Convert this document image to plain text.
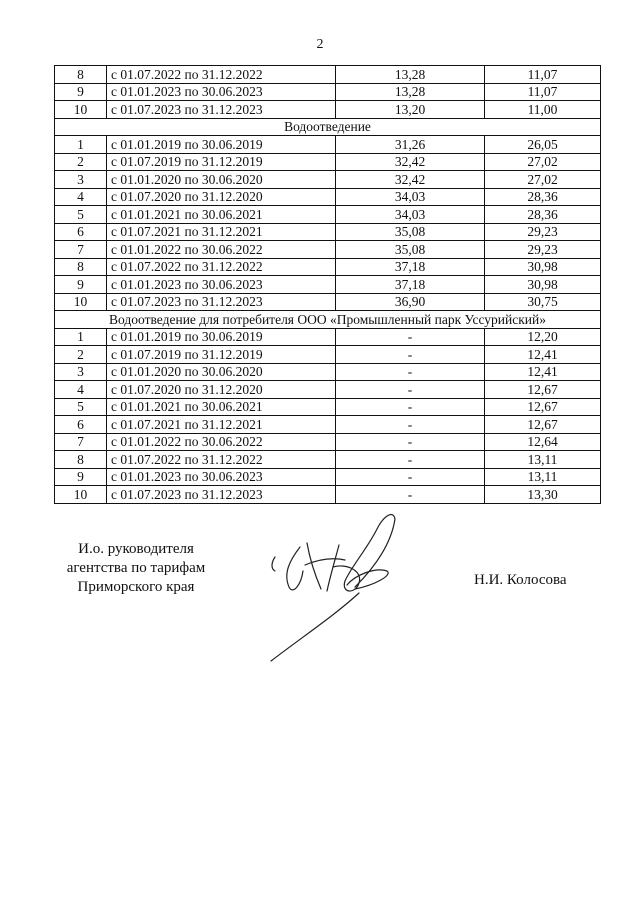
2
8	с 01.07.2022 по 31.12.2022	13,28	11,07
9	с 01.01.2023 по 30.06.2023	13,28	11,07
10	с 01.07.2023 по 31.12.2023	13,20	11,00
Водоотведение			
1	с 01.01.2019 по 30.06.2019	31,26	26,05
2	с 01.07.2019 по 31.12.2019	32,42	27,02
3	с 01.01.2020 по 30.06.2020	32,42	27,02
4	с 01.07.2020 по 31.12.2020	34,03	28,36
5	с 01.01.2021 по 30.06.2021	34,03	28,36
6	с 01.07.2021 по 31.12.2021	35,08	29,23
7	с 01.01.2022 по 30.06.2022	35,08	29,23
8	с 01.07.2022 по 31.12.2022	37,18	30,98
9	с 01.01.2023 по 30.06.2023	37,18	30,98
10	с 01.07.2023 по 31.12.2023	36,90	30,75
Водоотведение для потребителя ООО «Промышленный парк Уссурийский»			
1	с 01.01.2019 по 30.06.2019	-	12,20
2	с 01.07.2019 по 31.12.2019	-	12,41
3	с 01.01.2020 по 30.06.2020	-	12,41
4	с 01.07.2020 по 31.12.2020	-	12,67
5	с 01.01.2021 по 30.06.2021	-	12,67
6	с 01.07.2021 по 31.12.2021	-	12,67
7	с 01.01.2022 по 30.06.2022	-	12,64
8	с 01.07.2022 по 31.12.2022	-	13,11
9	с 01.01.2023 по 30.06.2023	-	13,11
10	с 01.07.2023 по 31.12.2023	-	13,30
И.о. руководителя
агентства по тарифам
Приморского края	Н.И. Колосова
